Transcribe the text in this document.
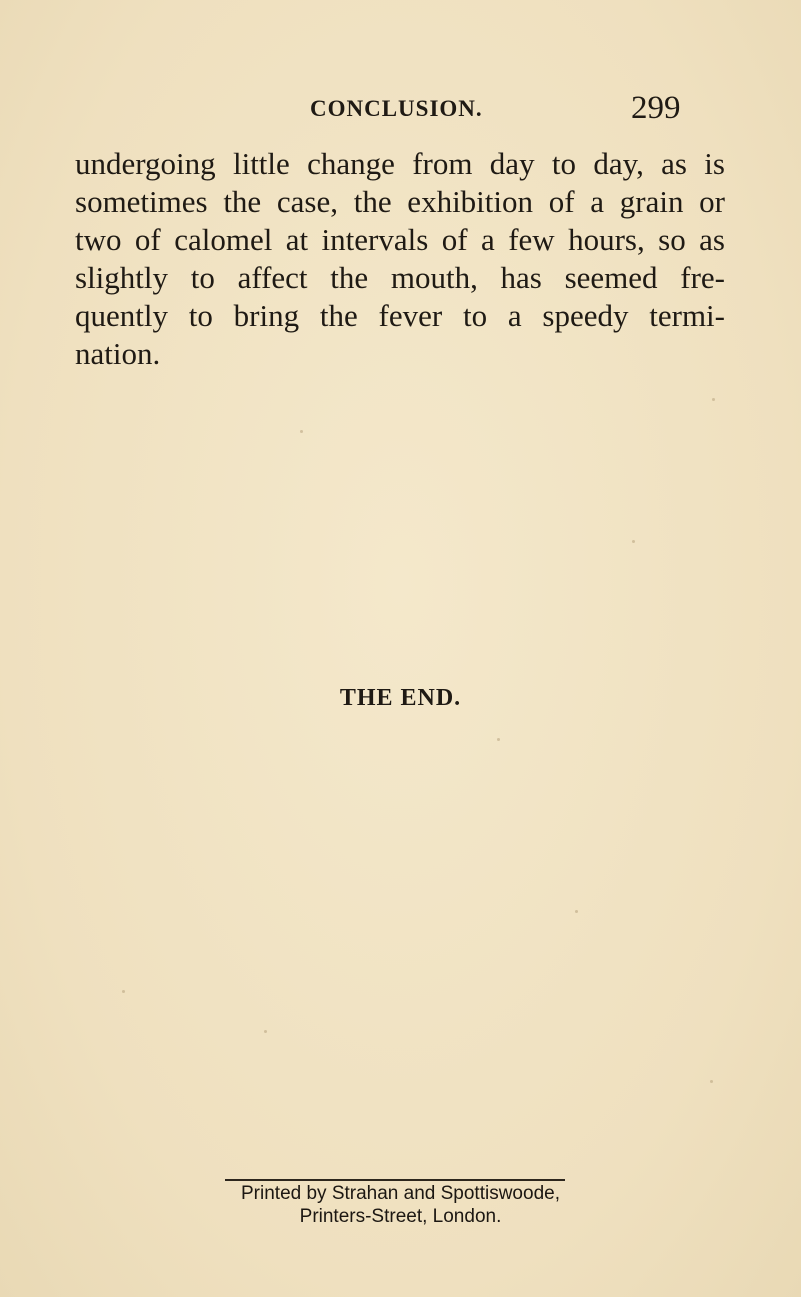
CONCLUSION.	299
undergoing little change from day to day, as is
sometimes the case, the exhibition of a grain or
two of calomel at intervals of a few hours, so as
slightly to affect the mouth, has seemed fre-
quently to bring the fever to a speedy termi-
nation.
THE END.
Printed by Strahan and Spottiswoode,
Printers-Street, London.
